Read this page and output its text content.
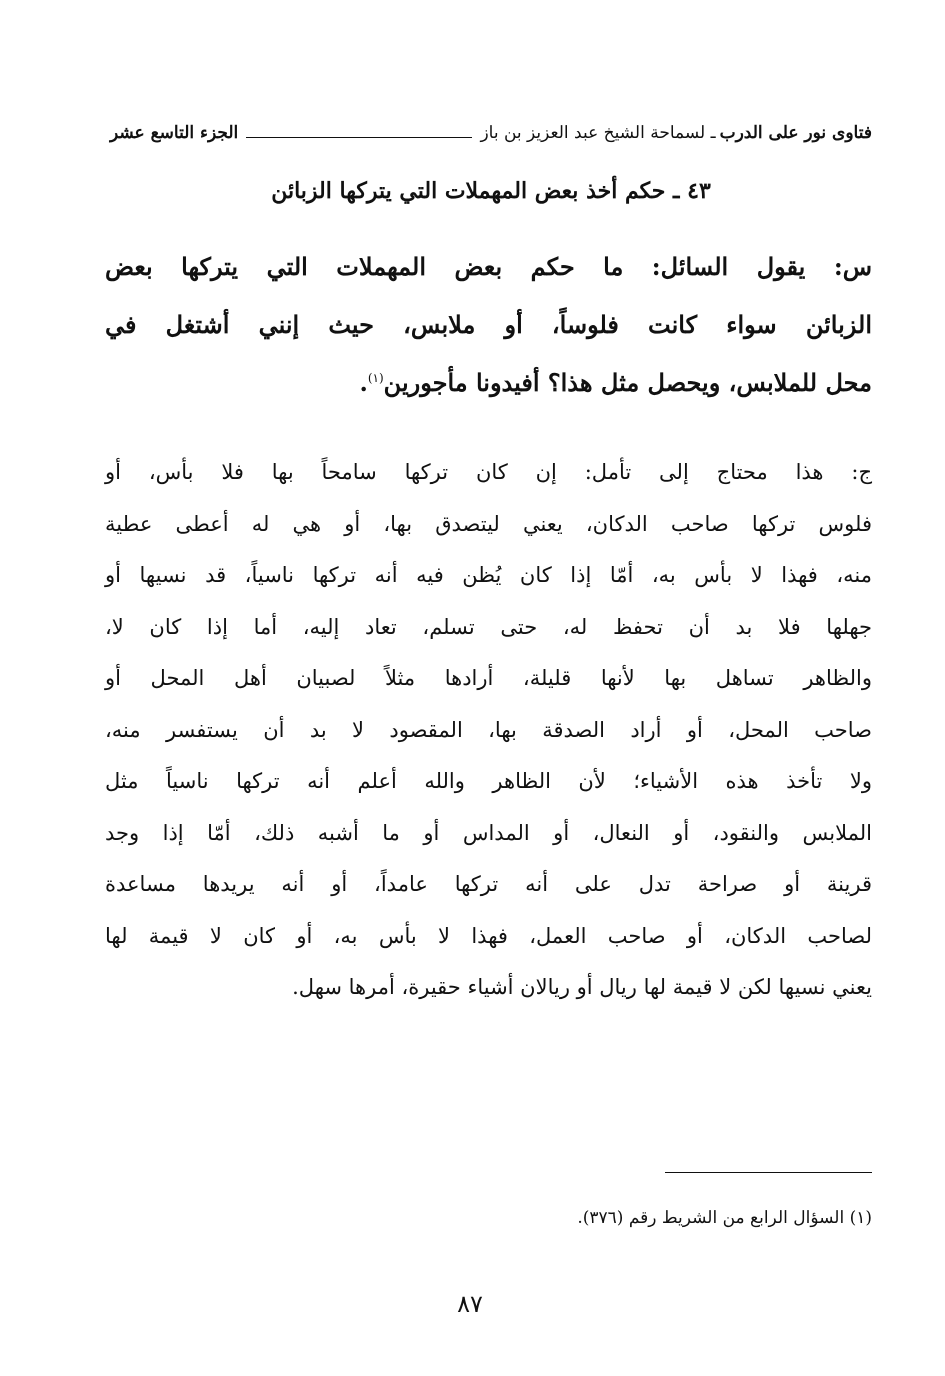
فتاوى نور على الدرب
ـ لسماحة الشيخ عبد العزيز بن باز
الجزء التاسع عشر
٤٣ ـ حكم أخذ بعض المهملات التي يتركها الزبائن
س: يقول السائل: ما حكم بعض المهملات التي يتركها بعض
الزبائن سواء كانت فلوساً، أو ملابس، حيث إنني أشتغل في
محل للملابس، ويحصل مثل هذا؟ أفيدونا مأجورين$^{(١)}$.
ج: هذا محتاج إلى تأمل: إن كان تركها سامحاً بها فلا بأس، أو
فلوس تركها صاحب الدكان، يعني ليتصدق بها، أو هي له أعطى عطية
منه، فهذا لا بأس به، أمّا إذا كان يُظن فيه أنه تركها ناسياً، قد نسيها أو
جهلها فلا بد أن تحفظ له، حتى تسلم، تعاد إليه، أما إذا كان لا،
والظاهر تساهل بها لأنها قليلة، أرادها مثلاً لصبيان أهل المحل أو
صاحب المحل، أو أراد الصدقة بها، المقصود لا بد أن يستفسر منه،
ولا تأخذ هذه الأشياء؛ لأن الظاهر والله أعلم أنه تركها ناسياً مثل
الملابس والنقود، أو النعال، أو المداس أو ما أشبه ذلك، أمّا إذا وجد
قرينة أو صراحة تدل على أنه تركها عامداً، أو أنه يريدها مساعدة
لصاحب الدكان، أو صاحب العمل، فهذا لا بأس به، أو كان لا قيمة لها
يعني نسيها لكن لا قيمة لها ريال أو ريالان أشياء حقيرة، أمرها سهل.
(١) السؤال الرابع من الشريط رقم (٣٧٦).
٨٧
